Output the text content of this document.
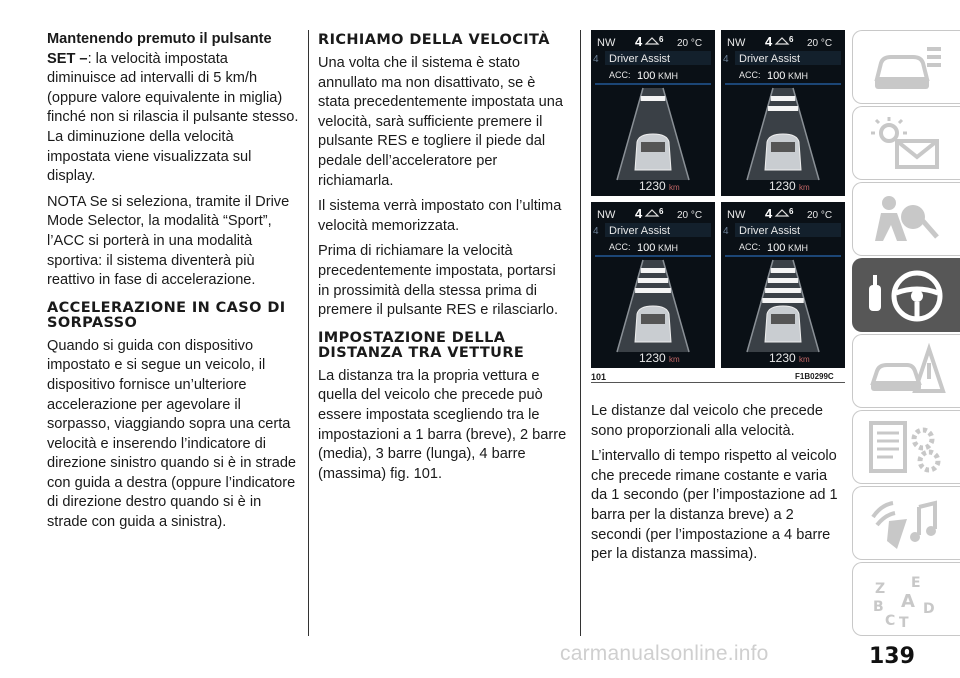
Mantenendo premuto il pulsante SET –: la velocità impostata diminuisce ad intervalli di 5 km/h (oppure valore equivalente in miglia) finché non si rilascia il pulsante stesso. La diminuzione della velocità impostata viene visualizzata sul display.

NOTA Se si seleziona, tramite il Drive Mode Selector, la modalità “Sport”, l’ACC si porterà in una modalità sportiva: il sistema diventerà più reattivo in fase di accelerazione.

ACCELERAZIONE IN CASO DI SORPASSO

Quando si guida con dispositivo impostato e si segue un veicolo, il dispositivo fornisce un’ulteriore accelerazione per agevolare il sorpasso, viaggiando sopra una certa velocità e inserendo l’indicatore di direzione sinistro quando si è in strade con guida a destra (oppure l’indicatore di direzione destro quando si è in strade con guida a sinistra).

RICHIAMO DELLA VELOCITÀ

Una volta che il sistema è stato annullato ma non disattivato, se è stata precedentemente impostata una velocità, sarà sufficiente premere il pulsante RES e togliere il piede dal pedale dell’acceleratore per richiamarla.

Il sistema verrà impostato con l’ultima velocità memorizzata.

Prima di richiamare la velocità precedentemente impostata, portarsi in prossimità della stessa prima di premere il pulsante RES e rilasciarlo.

IMPOSTAZIONE DELLA DISTANZA TRA VETTURE

La distanza tra la propria vettura e quella del veicolo che precede può essere impostata scegliendo tra le impostazioni a 1 barra (breve), 2 barre (media), 3 barre (lunga), 4 barre (massima) fig. 101.

NW 4 6 20 °C
4 Driver Assist
ACC: 100 KMH
1230 km
NW 4 6 20 °C
4 Driver Assist
ACC: 100 KMH
1230 km
NW 4 6 20 °C
4 Driver Assist
ACC: 100 KMH
1230 km
NW 4 6 20 °C
4 Driver Assist
ACC: 100 KMH
1230 km
101	F1B0299C

Le distanze dal veicolo che precede sono proporzionali alla velocità.

L’intervallo di tempo rispetto al veicolo che precede rimane costante e varia da 1 secondo (per l’impostazione ad 1 barra per la distanza breve) a 2 secondi (per l’impostazione a 4 barre per la distanza massima).

Z E
A
B	D
C T
carmanualsonline.info	139
